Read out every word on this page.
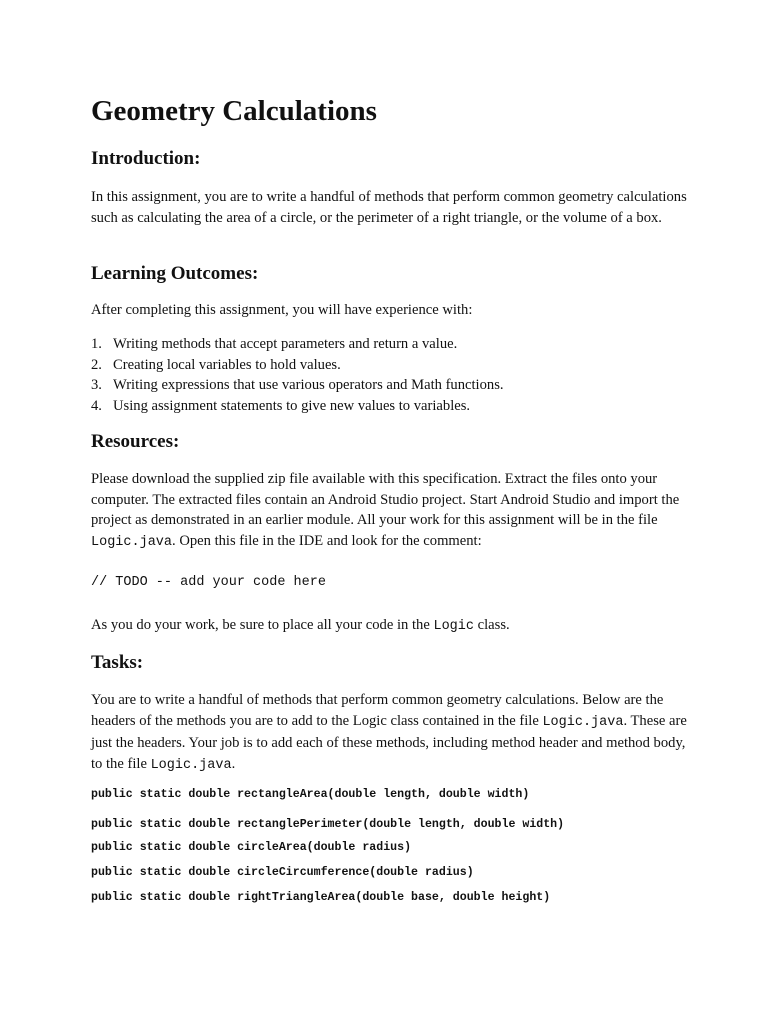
Geometry Calculations
Introduction:

In this assignment, you are to write a handful of methods that perform common geometry calculations such as calculating the area of a circle, or the perimeter of a right triangle, or the volume of a box.

Learning Outcomes:

After completing this assignment, you will have experience with:

1. Writing methods that accept parameters and return a value.
2. Creating local variables to hold values.
3. Writing expressions that use various operators and Math functions.
4. Using assignment statements to give new values to variables.
Resources:

Please download the supplied zip file available with this specification. Extract the files onto your computer. The extracted files contain an Android Studio project. Start Android Studio and import the project as demonstrated in an earlier module. All your work for this assignment will be in the file Logic.java. Open this file in the IDE and look for the comment:

// TODO -- add your code here

As you do your work, be sure to place all your code in the Logic class.

Tasks:

You are to write a handful of methods that perform common geometry calculations. Below are the headers of the methods you are to add to the Logic class contained in the file Logic.java. These are just the headers. Your job is to add each of these methods, including method header and method body, to the file Logic.java.

public static double rectangleArea(double length, double width)

public static double rectanglePerimeter(double length, double width)

public static double circleArea(double radius)

public static double circleCircumference(double radius)

public static double rightTriangleArea(double base, double height)
